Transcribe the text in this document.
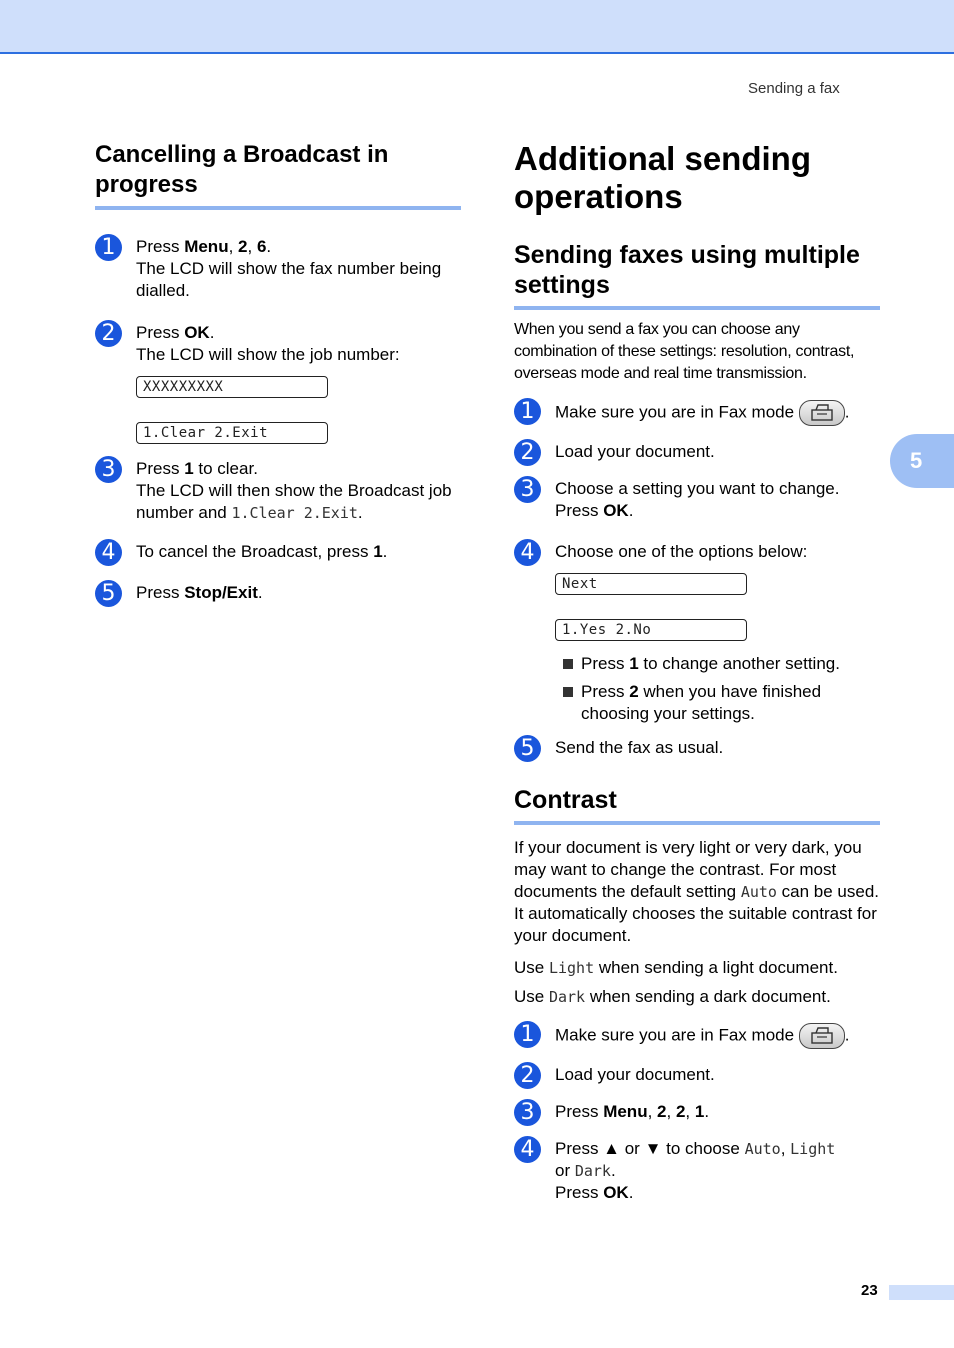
Sending a fax
5
Cancelling a Broadcast in progress
1	Press Menu, 2, 6.
The LCD will show the fax number being dialled.
2	Press OK.
The LCD will show the job number:
XXXXXXXXX
1.Clear 2.Exit
3	Press 1 to clear.
The LCD will then show the Broadcast job number and 1.Clear 2.Exit.
4	To cancel the Broadcast, press 1.
5	Press Stop/Exit.
Additional sending operations
Sending faxes using multiple settings
When you send a fax you can choose any combination of these settings: resolution, contrast, overseas mode and real time transmission.
1	Make sure you are in Fax mode	.
2	Load your document.
3	Choose a setting you want to change.
Press OK.
4	Choose one of the options below:
Next
1.Yes 2.No
Press 1 to change another setting.
Press 2 when you have finished choosing your settings.
5	Send the fax as usual.
Contrast
If your document is very light or very dark, you may want to change the contrast. For most documents the default setting Auto can be used. It automatically chooses the suitable contrast for your document.
Use Light when sending a light document.
Use Dark when sending a dark document.
1	Make sure you are in Fax mode	.
2	Load your document.
3	Press Menu, 2, 2, 1.
4	Press ▲ or ▼ to choose Auto, Light
or Dark.
Press OK.
23
